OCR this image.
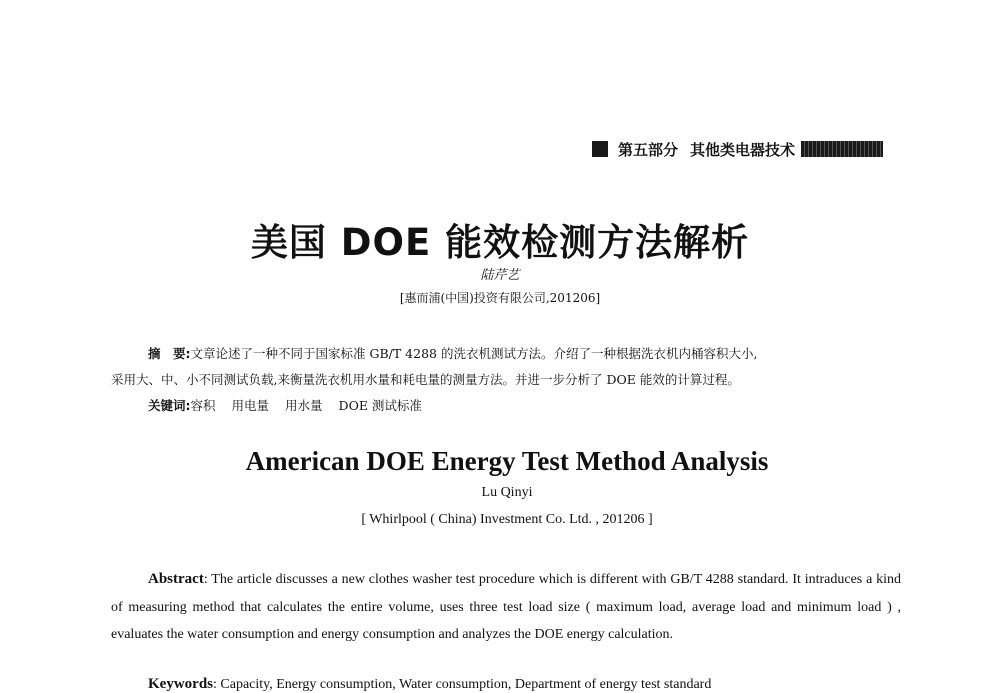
第五部分 其他类电器技术
美国 DOE 能效检测方法解析
陆芹艺
[惠而浦(中国)投资有限公司,201206]
摘　要:文章论述了一种不同于国家标准 GB/T 4288 的洗衣机测试方法。介绍了一种根据洗衣机内桶容积大小,
采用大、中、小不同测试负载,来衡量洗衣机用水量和耗电量的测量方法。并进一步分析了 DOE 能效的计算过程。
关键词:容积 用电量 用水量 DOE 测试标准
American DOE Energy Test Method Analysis
Lu Qinyi
[ Whirlpool ( China) Investment Co. Ltd. , 201206 ]
Abstract: The article discusses a new clothes washer test procedure which is different with GB/T 4288 standard. It intraduces a kind of measuring method that calculates the entire volume, uses three test load size ( maximum load, average load and minimum load ) , evaluates the water consumption and energy consumption and analyzes the DOE energy calculation.
Keywords: Capacity, Energy consumption, Water consumption, Department of energy test standard
